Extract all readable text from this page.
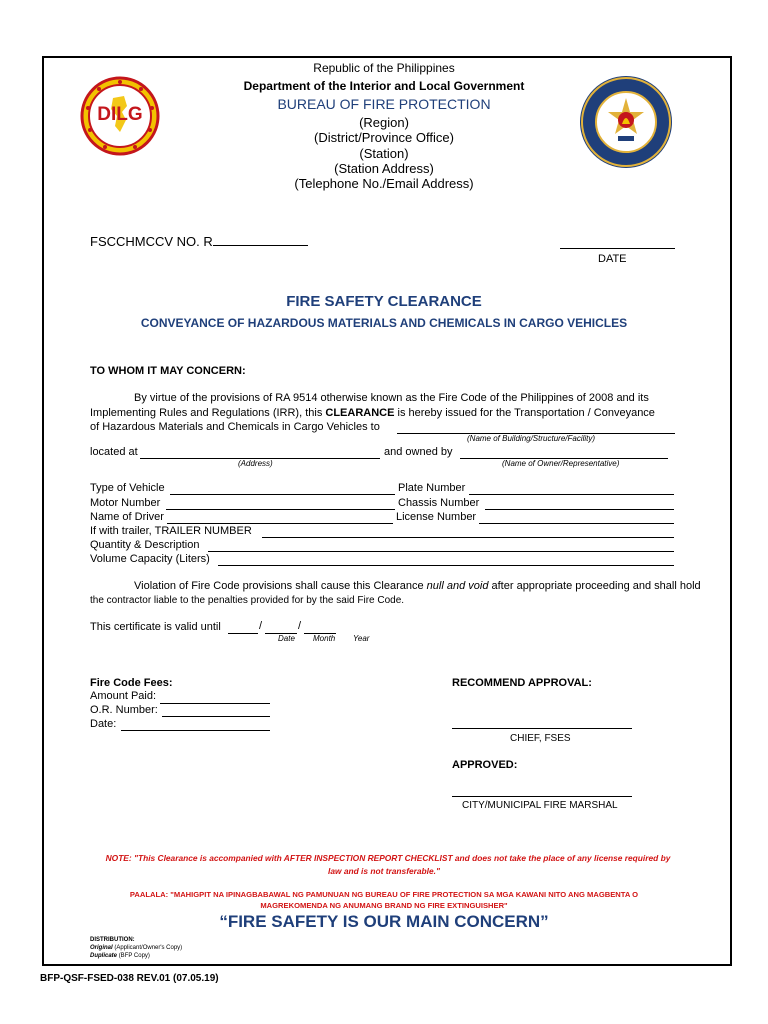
DILG
Republic of the Philippines
Department of the Interior and Local Government
BUREAU OF FIRE PROTECTION
(Region)
(District/Province Office)
(Station)
(Station Address)
(Telephone No./Email Address)
FSCCHMCCV NO. R
DATE
FIRE SAFETY CLEARANCE
CONVEYANCE OF HAZARDOUS MATERIALS AND CHEMICALS IN CARGO VEHICLES
TO WHOM IT MAY CONCERN:
By virtue of the provisions of RA 9514 otherwise known as the Fire Code of the Philippines of 2008 and its
Implementing Rules and Regulations (IRR), this CLEARANCE is hereby issued for the Transportation / Conveyance
of Hazardous Materials and Chemicals in Cargo Vehicles to
(Name of Building/Structure/Facility)
located at	and owned by
(Address)	(Name of Owner/Representative)
Type of Vehicle	Plate Number
Motor Number	Chassis Number
Name of Driver	License Number
If with trailer, TRAILER NUMBER
Quantity & Description
Volume Capacity (Liters)
Violation of Fire Code provisions shall cause this Clearance null and void after appropriate proceeding and shall hold
the contractor liable to the penalties provided for by the said Fire Code.
This certificate is valid until	/	/
Date Month Year
Fire Code Fees:
Amount Paid:
O.R. Number:
Date:
RECOMMEND APPROVAL:
CHIEF, FSES
APPROVED:
CITY/MUNICIPAL FIRE MARSHAL
NOTE: "This Clearance is accompanied with AFTER INSPECTION REPORT CHECKLIST and does not take the place of any license required by
law and is not transferable."
PAALALA: "MAHIGPIT NA IPINAGBABAWAL NG PAMUNUAN NG BUREAU OF FIRE PROTECTION SA MGA KAWANI NITO ANG MAGBENTA O
MAGREKOMENDA NG ANUMANG BRAND NG FIRE EXTINGUISHER"
“FIRE SAFETY IS OUR MAIN CONCERN”
DISTRIBUTION:
Original (Applicant/Owner's Copy)
Duplicate (BFP Copy)
BFP-QSF-FSED-038 REV.01 (07.05.19)
